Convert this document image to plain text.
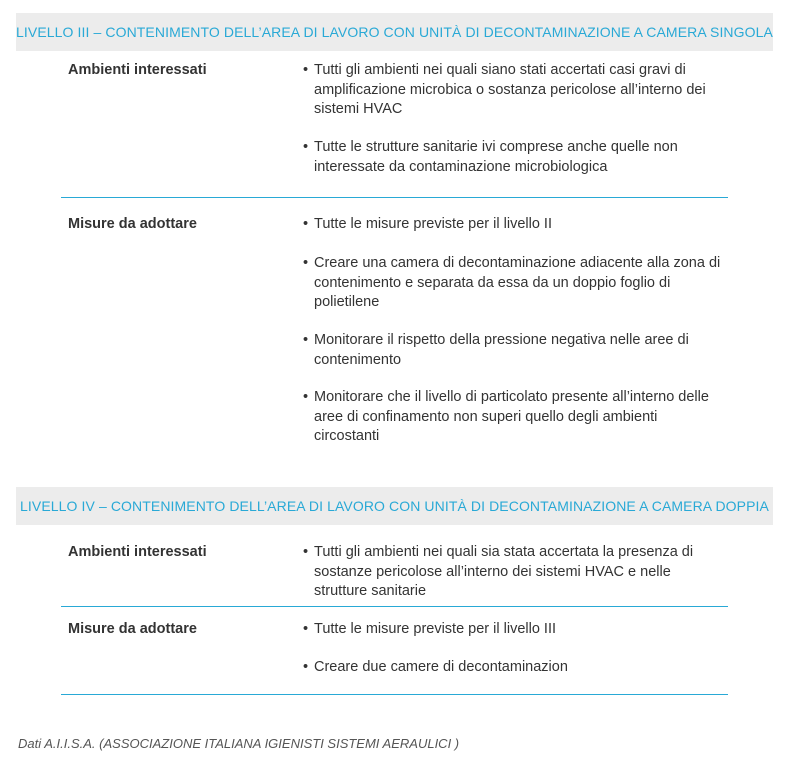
LIVELLO III – CONTENIMENTO DELL’AREA DI LAVORO CON UNITÀ DI DECONTAMINAZIONE A CAMERA SINGOLA
Ambienti interessati	• Tutti gli ambienti nei quali siano stati accertati casi gravi di amplificazione microbica o sostanza pericolose all’interno dei sistemi HVAC
• Tutte le strutture sanitarie ivi comprese anche quelle non interessate da contaminazione microbiologica
Misure da adottare	• Tutte le misure previste per il livello II
• Creare una camera di decontaminazione adiacente alla zona di contenimento e separata da essa da un doppio foglio di polietilene
• Monitorare il rispetto della pressione negativa nelle aree di contenimento
• Monitorare che il livello di particolato presente all’interno delle aree di confinamento non superi quello degli ambienti circostanti
LIVELLO IV – CONTENIMENTO DELL’AREA DI LAVORO CON UNITÀ DI DECONTAMINAZIONE A CAMERA DOPPIA
Ambienti interessati	• Tutti gli ambienti nei quali sia stata accertata la presenza di sostanze pericolose all’interno dei sistemi HVAC e nelle strutture sanitarie
Misure da adottare	• Tutte le misure previste per il livello III
• Creare due camere di decontaminazion
Dati A.I.I.S.A. (ASSOCIAZIONE ITALIANA IGIENISTI SISTEMI AERAULICI )
